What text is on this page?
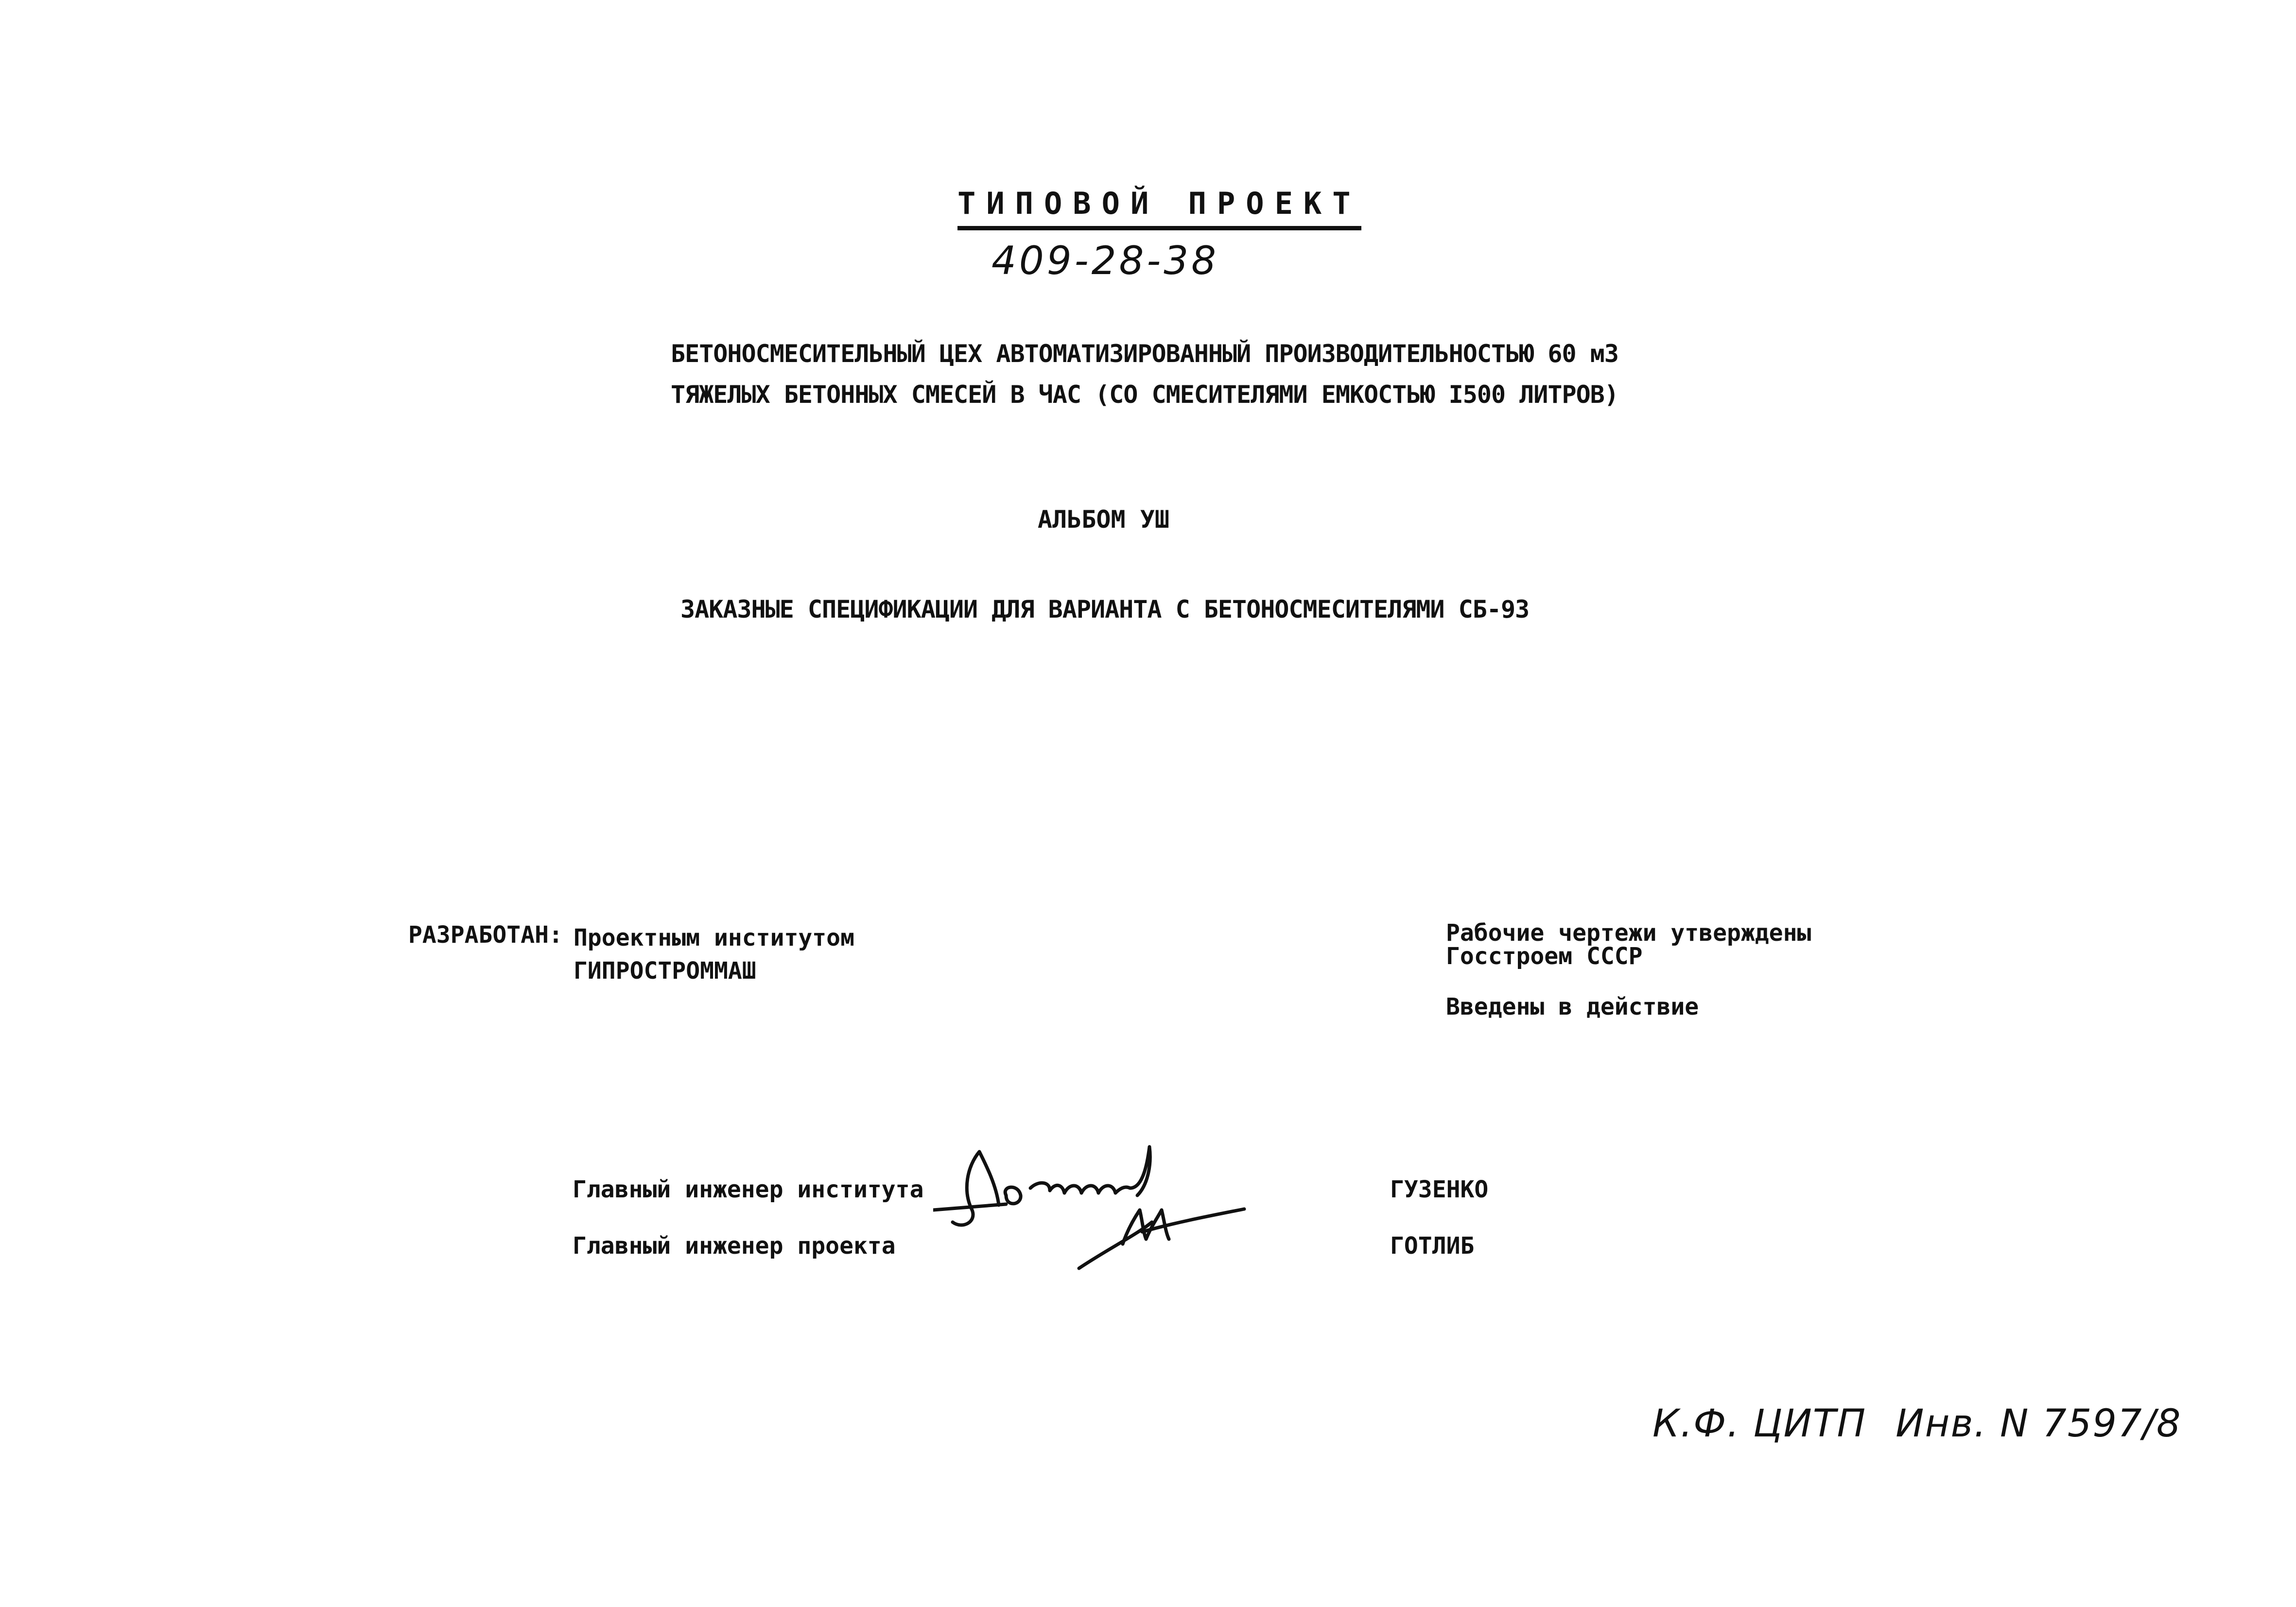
ТИПОВОЙ ПРОЕКТ
409-28-38
БЕТОНОСМЕСИТЕЛЬНЫЙ ЦЕХ АВТОМАТИЗИРОВАННЫЙ ПРОИЗВОДИТЕЛЬНОСТЬЮ 60 м3
ТЯЖЕЛЫХ БЕТОННЫХ СМЕСЕЙ В ЧАС (СО СМЕСИТЕЛЯМИ ЕМКОСТЬЮ I500 ЛИТРОВ)
АЛЬБОМ УШ
ЗАКАЗНЫЕ СПЕЦИФИКАЦИИ ДЛЯ ВАРИАНТА С БЕТОНОСМЕСИТЕЛЯМИ СБ-93
РАЗРАБОТАН: Проектным институтом
ГИПРОСТРОММАШ
Рабочие чертежи утверждены
Госстроем СССР
Введены в действие
Главный инженер института	ГУЗЕНКО
Главный инженер проекта	ГОТЛИБ
К.Ф. ЦИТП Инв. N 7597/8
